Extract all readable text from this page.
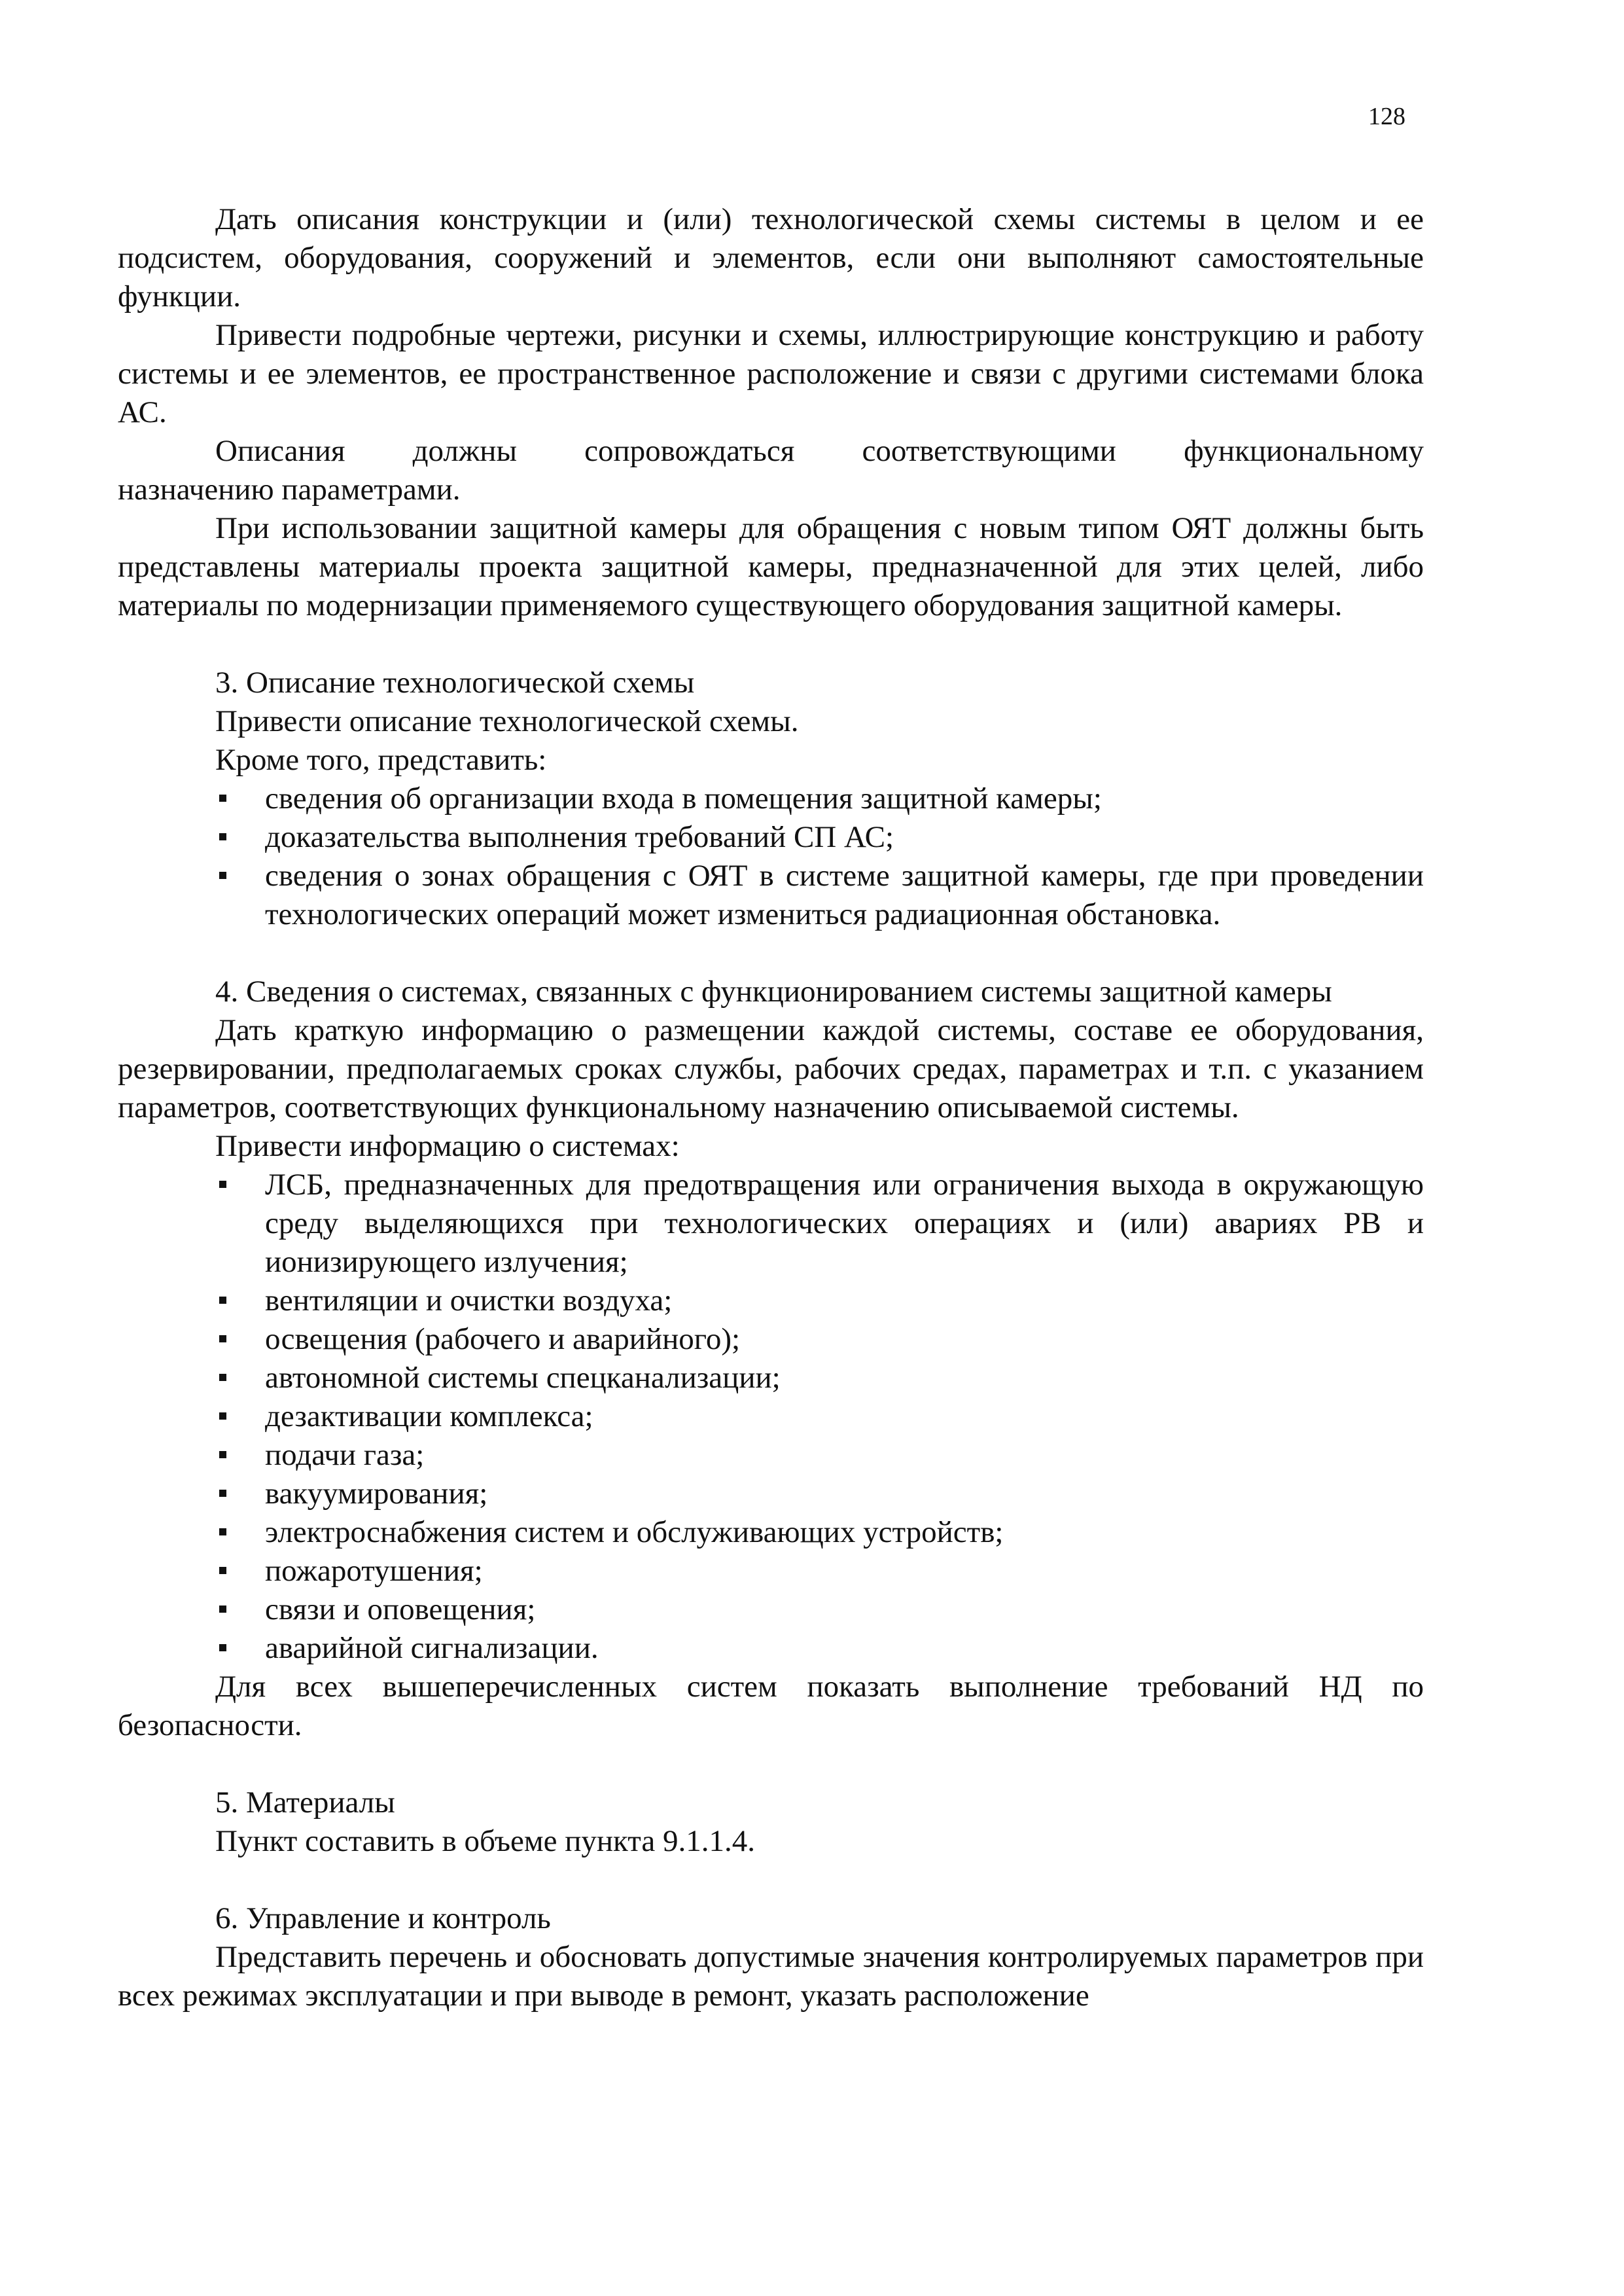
128

Дать описания конструкции и (или) технологической схемы системы в целом и ее подсистем, оборудования, сооружений и элементов, если они выполняют самостоятельные функции.

Привести подробные чертежи, рисунки и схемы, иллюстрирующие конструкцию и работу системы и ее элементов, ее пространственное расположение и связи с другими системами блока АС.

Описания должны сопровождаться соответствующими функциональному

назначению параметрами.

При использовании защитной камеры для обращения с новым типом ОЯТ должны быть представлены материалы проекта защитной камеры, предназначенной для этих целей, либо материалы по модернизации применяемого существующего оборудования защитной камеры.

3. Описание технологической схемы

Привести описание технологической схемы.

Кроме того, представить:

сведения об организации входа в помещения защитной камеры;
доказательства выполнения требований СП АС;
сведения о зонах обращения с ОЯТ в системе защитной камеры, где при проведении технологических операций может измениться радиационная обстановка.

4. Сведения о системах, связанных с функционированием системы защитной камеры

Дать краткую информацию о размещении каждой системы, составе ее оборудования, резервировании, предполагаемых сроках службы, рабочих средах, параметрах и т.п. с указанием параметров, соответствующих функциональному назначению описываемой системы.

Привести информацию о системах:

ЛСБ, предназначенных для предотвращения или ограничения выхода в окружающую среду выделяющихся при технологических операциях и (или) авариях РВ и ионизирующего излучения;
вентиляции и очистки воздуха;
освещения (рабочего и аварийного);
автономной системы спецканализации;
дезактивации комплекса;
подачи газа;
вакуумирования;
электроснабжения систем и обслуживающих устройств;
пожаротушения;
связи и оповещения;
аварийной сигнализации.

Для всех вышеперечисленных систем показать выполнение требований НД по безопасности.

5. Материалы

Пункт составить в объеме пункта 9.1.1.4.

6. Управление и контроль

Представить перечень и обосновать допустимые значения контролируемых параметров при всех режимах эксплуатации и при выводе в ремонт, указать расположение
